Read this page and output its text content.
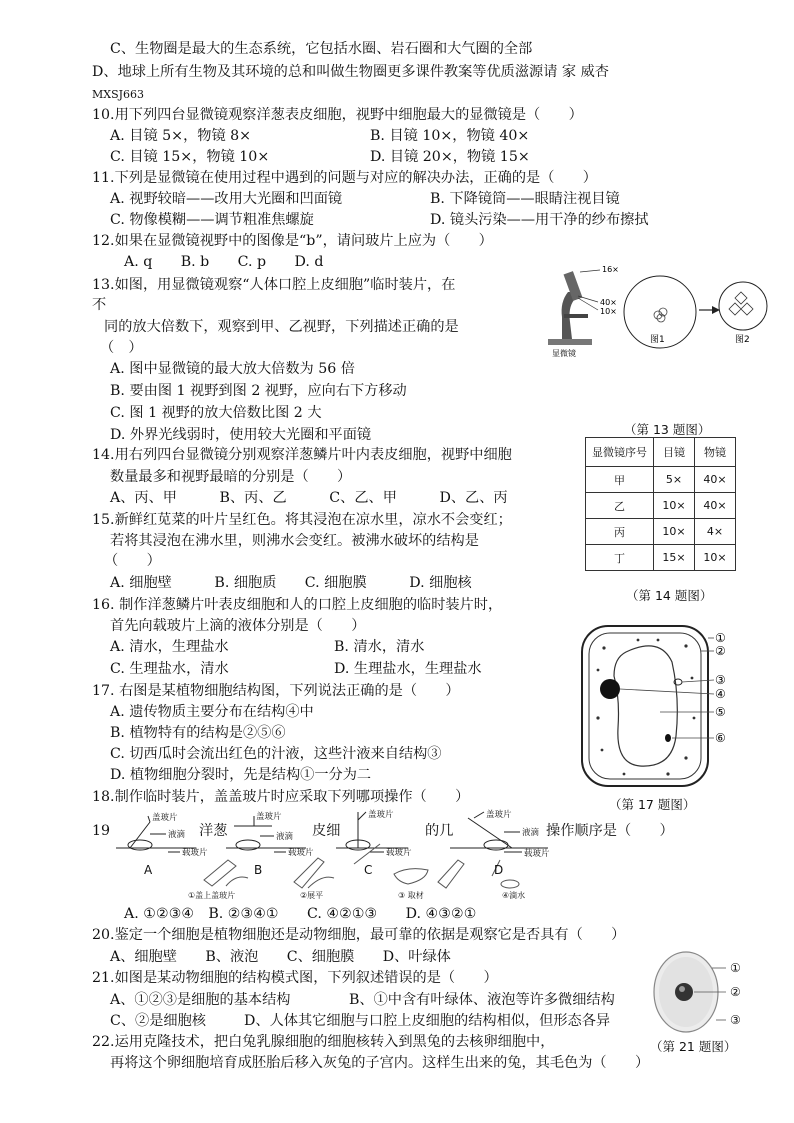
C、生物圈是最大的生态系统，它包括水圈、岩石圈和大气圈的全部
D、地球上所有生物及其环境的总和叫做生物圈更多课件教案等优质滋源请 家 威杏
MXSJ663
10.用下列四台显微镜观察洋葱表皮细胞，视野中细胞最大的显微镜是（　　）
A. 目镜 5×，物镜 8×	B. 目镜 10×，物镜 40×
C. 目镜 15×，物镜 10×	D. 目镜 20×，物镜 15×
11.下列是显微镜在使用过程中遇到的问题与对应的解决办法，正确的是（　　）
A. 视野较暗——改用大光圈和凹面镜	B. 下降镜筒——眼睛注视目镜
C. 物像模糊——调节粗准焦螺旋	D. 镜头污染——用干净的纱布擦拭
12.如果在显微镜视野中的图像是“b”，请问玻片上应为（　　）
A. q　　B. b　　C. p　　D. d
13.如图，用显微镜观察“人体口腔上皮细胞”临时装片，在
不
同的放大倍数下，观察到甲、乙视野，下列描述正确的是
（　）
A. 图中显微镜的最大放大倍数为 56 倍
B. 要由图 1 视野到图 2 视野，应向右下方移动
C. 图 1 视野的放大倍数比图 2 大
D. 外界光线弱时，使用较大光圈和平面镜
16×
40×
10×
显微镜
图1	图2
（第 13 题图）
14.用右列四台显微镜分别观察洋葱鳞片叶内表皮细胞，视野中细胞
数量最多和视野最暗的分别是（　　）
A、丙、甲　　　B、丙、乙　　　C、乙、甲　　　D、乙、丙
显微镜序号	目镜	物镜
甲	5×	40×
乙	10×	40×
丙	10×	4×
丁	15×	10×
（第 14 题图）
15.新鲜红苋菜的叶片呈红色。将其浸泡在凉水里，凉水不会变红；
若将其浸泡在沸水里，则沸水会变红。被沸水破坏的结构是
（　　）
A. 细胞壁　　　B. 细胞质　　C. 细胞膜　　　D. 细胞核
16. 制作洋葱鳞片叶表皮细胞和人的口腔上皮细胞的临时装片时，
首先向载玻片上滴的液体分别是（　　）
A. 清水，生理盐水	B. 清水，清水
C. 生理盐水，清水	D. 生理盐水，生理盐水
17. 右图是某植物细胞结构图，下列说法正确的是（　　）
A. 遗传物质主要分布在结构④中
B. 植物特有的结构是②⑤⑥
C. 切西瓜时会流出红色的汁液，这些汁液来自结构③
D. 植物细胞分裂时，先是结构①一分为二
①
②
③
④
⑤
⑥
（第 17 题图）
18.制作临时装片，盖盖玻片时应采取下列哪项操作（　　）
19	洋葱	皮细	的几	操作顺序是（　　）
盖玻片
液滴
载玻片
盖玻片
液滴
载玻片
盖玻片
载玻片
盖玻片
液滴
载玻片
A	B	C	D
①盖上盖玻片	②展平	③ 取材	④滴水
A. ①②③④　B. ②③④①　　C. ④②①③　　D. ④③②①
20.鉴定一个细胞是植物细胞还是动物细胞，最可靠的依据是观察它是否具有（　　）
A、细胞壁　　B、液泡　　C、细胞膜　　D、叶绿体
21.如图是某动物细胞的结构模式图，下列叙述错误的是（　　）
A、①②③是细胞的基本结构	B、①中含有叶绿体、液泡等许多微细结构
C、②是细胞核	D、人体其它细胞与口腔上皮细胞的结构相似，但形态各异
①
②
③
（第 21 题图）
22.运用克隆技术，把白兔乳腺细胞的细胞核转入到黑兔的去核卵细胞中，
再将这个卵细胞培育成胚胎后移入灰兔的子宫内。这样生出来的兔，其毛色为（　　）
